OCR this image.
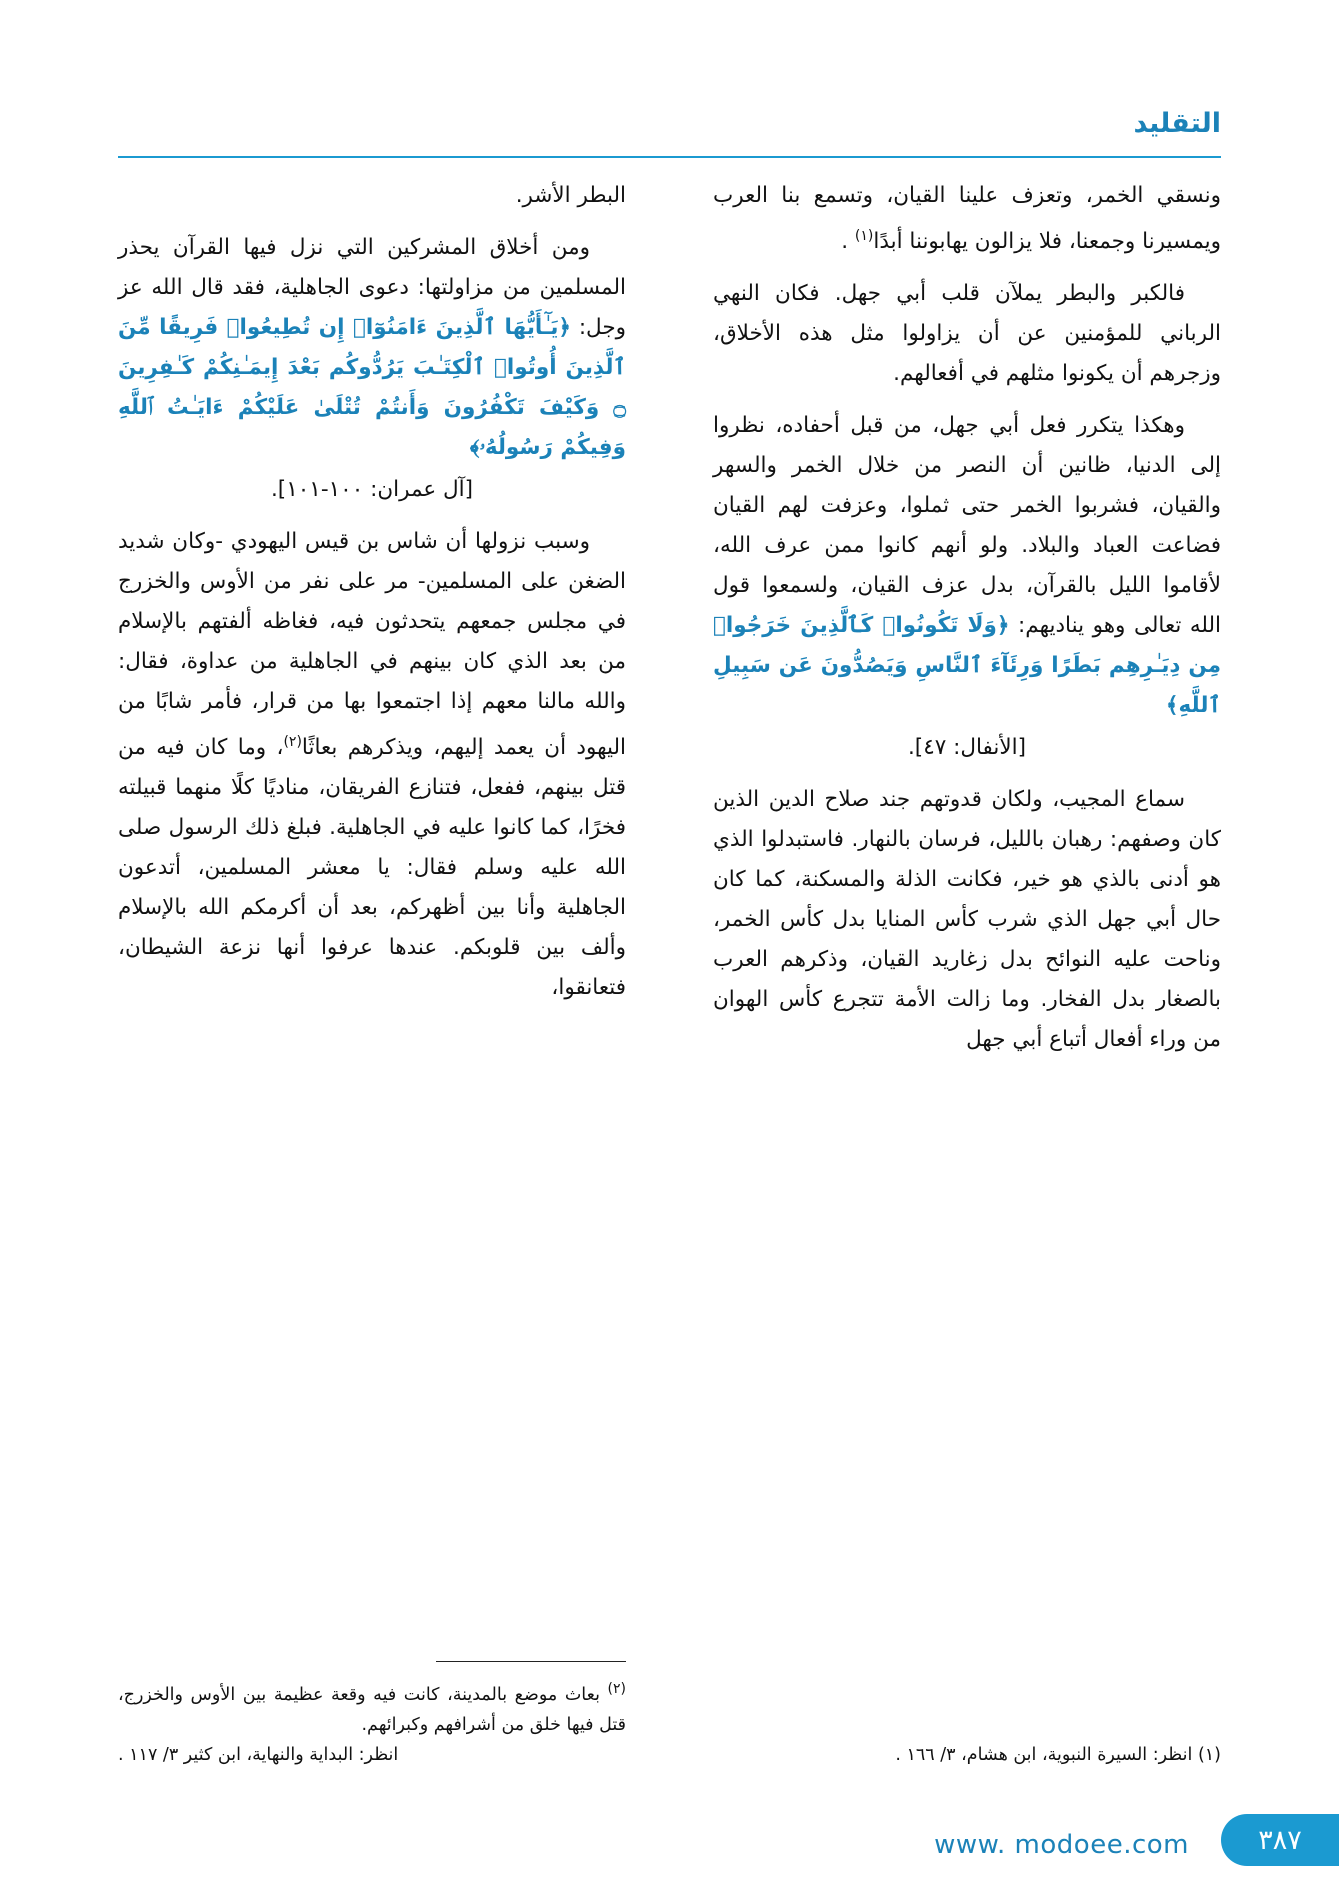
التقليد

ونسقي الخمر، وتعزف علينا القيان، وتسمع بنا العرب ويمسيرنا وجمعنا، فلا يزالون يهابوننا أبدًا$^{(١)}$ .

فالكبر والبطر يملآن قلب أبي جهل. فكان النهي الرباني للمؤمنين عن أن يزاولوا مثل هذه الأخلاق، وزجرهم أن يكونوا مثلهم في أفعالهم.

وهكذا يتكرر فعل أبي جهل، من قبل أحفاده، نظروا إلى الدنيا، ظانين أن النصر من خلال الخمر والسهر والقيان، فشربوا الخمر حتى ثملوا، وعزفت لهم القيان فضاعت العباد والبلاد. ولو أنهم كانوا ممن عرف الله، لأقاموا الليل بالقرآن، بدل عزف القيان، ولسمعوا قول الله تعالى وهو يناديهم: ﴿وَلَا تَكُونُوا۟ كَٱلَّذِينَ خَرَجُوا۟ مِن دِيَـٰرِهِم بَطَرًا وَرِئَآءَ ٱلنَّاسِ وَيَصُدُّونَ عَن سَبِيلِ ٱللَّهِ﴾

[الأنفال: ٤٧].

سماع المجيب، ولكان قدوتهم جند صلاح الدين الذين كان وصفهم: رهبان بالليل، فرسان بالنهار. فاستبدلوا الذي هو أدنى بالذي هو خير، فكانت الذلة والمسكنة، كما كان حال أبي جهل الذي شرب كأس المنايا بدل كأس الخمر، وناحت عليه النوائح بدل زغاريد القيان، وذكرهم العرب بالصغار بدل الفخار. وما زالت الأمة تتجرع كأس الهوان من وراء أفعال أتباع أبي جهل

البطر الأشر.

ومن أخلاق المشركين التي نزل فيها القرآن يحذر المسلمين من مزاولتها: دعوى الجاهلية، فقد قال الله عز وجل: ﴿يَـٰٓأَيُّهَا ٱلَّذِينَ ءَامَنُوٓا۟ إِن تُطِيعُوا۟ فَرِيقًا مِّنَ ٱلَّذِينَ أُوتُوا۟ ٱلْكِتَـٰبَ يَرُدُّوكُم بَعْدَ إِيمَـٰنِكُمْ كَـٰفِرِينَ ۝ وَكَيْفَ تَكْفُرُونَ وَأَنتُمْ تُتْلَىٰ عَلَيْكُمْ ءَايَـٰتُ ٱللَّهِ وَفِيكُمْ رَسُولُهُۥ﴾

[آل عمران: ١٠٠-١٠١].

وسبب نزولها أن شاس بن قيس اليهودي -وكان شديد الضغن على المسلمين- مر على نفر من الأوس والخزرج في مجلس جمعهم يتحدثون فيه، فغاظه ألفتهم بالإسلام من بعد الذي كان بينهم في الجاهلية من عداوة، فقال: والله مالنا معهم إذا اجتمعوا بها من قرار، فأمر شابًا من اليهود أن يعمد إليهم، ويذكرهم بعاثًا$^{(٢)}$، وما كان فيه من قتل بينهم، ففعل، فتنازع الفريقان، مناديًا كلًا منهما قبيلته فخرًا، كما كانوا عليه في الجاهلية. فبلغ ذلك الرسول صلى الله عليه وسلم فقال: يا معشر المسلمين، أتدعون الجاهلية وأنا بين أظهركم، بعد أن أكرمكم الله بالإسلام وألف بين قلوبكم. عندها عرفوا أنها نزعة الشيطان، فتعانقوا،

(١) انظر: السيرة النبوية، ابن هشام، ٣/ ١٦٦ .

$^{(٢)}$ بعاث موضع بالمدينة، كانت فيه وقعة عظيمة بين الأوس والخزرج، قتل فيها خلق من أشرافهم وكبرائهم.

انظر: البداية والنهاية، ابن كثير ٣/ ١١٧ .

٣٨٧
www. modoee.com
